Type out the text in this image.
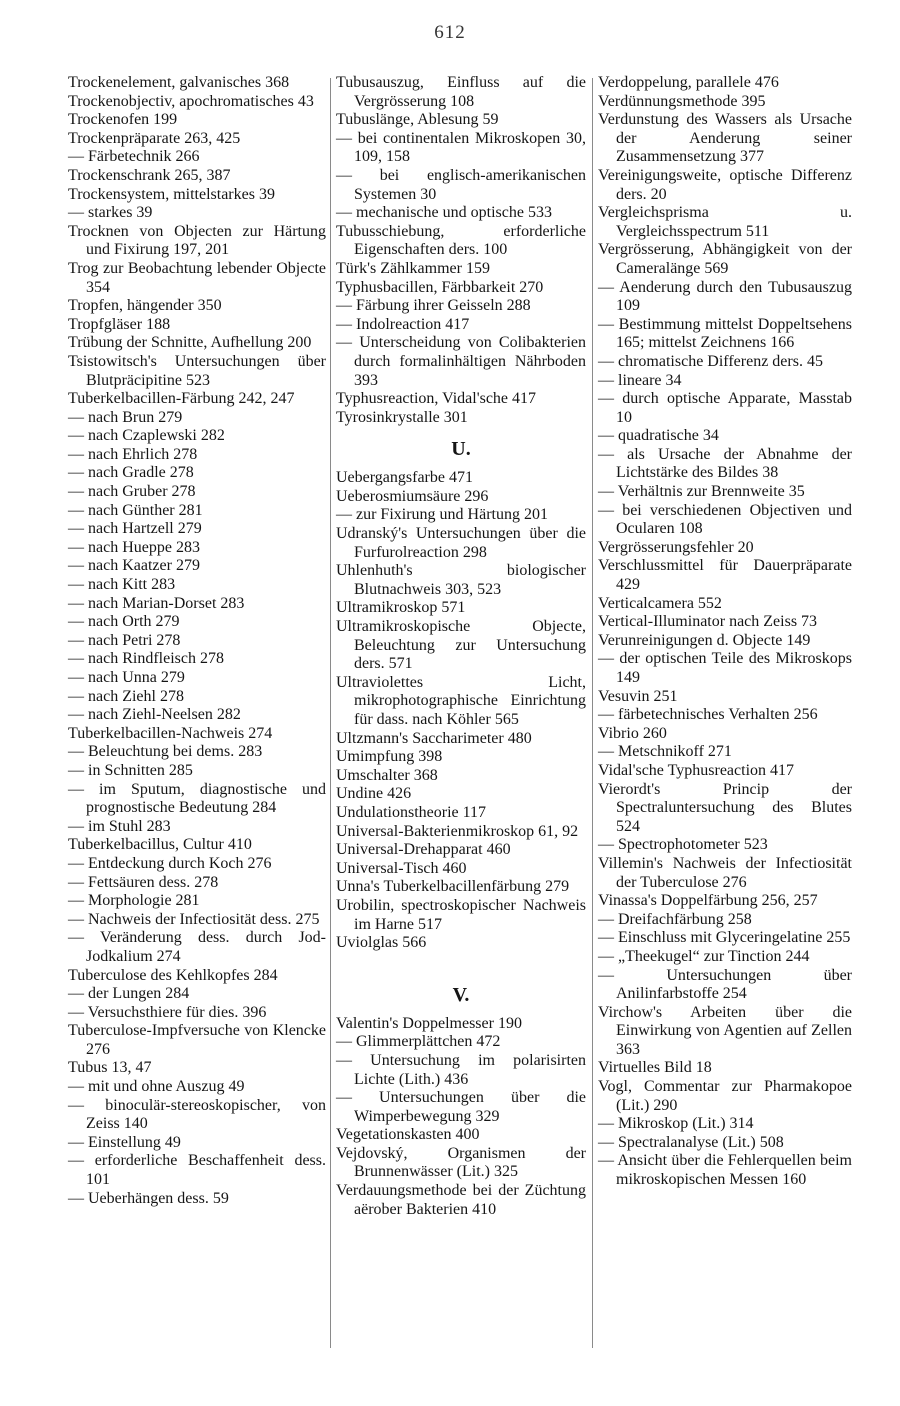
612
Trockenelement, galvanisches 368
Trockenobjectiv, apochromatisches 43
Trockenofen 199
Trockenpräparate 263, 425
— Färbetechnik 266
Trockenschrank 265, 387
Trockensystem, mittelstarkes 39
— starkes 39
Trocknen von Objecten zur Härtung und Fixirung 197, 201
Trog zur Beobachtung lebender Objecte 354
Tropfen, hängender 350
Tropfgläser 188
Trübung der Schnitte, Aufhellung 200
Tsistowitsch's Untersuchungen über Blutpräcipitine 523
Tuberkelbacillen-Färbung 242, 247
— nach Brun 279
— nach Czaplewski 282
— nach Ehrlich 278
— nach Gradle 278
— nach Gruber 278
— nach Günther 281
— nach Hartzell 279
— nach Hueppe 283
— nach Kaatzer 279
— nach Kitt 283
— nach Marian-Dorset 283
— nach Orth 279
— nach Petri 278
— nach Rindfleisch 278
— nach Unna 279
— nach Ziehl 278
— nach Ziehl-Neelsen 282
Tuberkelbacillen-Nachweis 274
— Beleuchtung bei dems. 283
— in Schnitten 285
— im Sputum, diagnostische und prognostische Bedeutung 284
— im Stuhl 283
Tuberkelbacillus, Cultur 410
— Entdeckung durch Koch 276
— Fettsäuren dess. 278
— Morphologie 281
— Nachweis der Infectiosität dess. 275
— Veränderung dess. durch Jod-Jodkalium 274
Tuberculose des Kehlkopfes 284
— der Lungen 284
— Versuchsthiere für dies. 396
Tuberculose-Impfversuche von Klencke 276
Tubus 13, 47
— mit und ohne Auszug 49
— binoculär-stereoskopischer, von Zeiss 140
— Einstellung 49
— erforderliche Beschaffenheit dess. 101
— Ueberhängen dess. 59
Tubusauszug, Einfluss auf die Vergrösserung 108
Tubuslänge, Ablesung 59
— bei continentalen Mikroskopen 30, 109, 158
— bei englisch-amerikanischen Systemen 30
— mechanische und optische 533
Tubusschiebung, erforderliche Eigenschaften ders. 100
Türk's Zählkammer 159
Typhusbacillen, Färbbarkeit 270
— Färbung ihrer Geisseln 288
— Indolreaction 417
— Unterscheidung von Colibakterien durch formalinhältigen Nährboden 393
Typhusreaction, Vidal'sche 417
Tyrosinkrystalle 301
U.
Uebergangsfarbe 471
Ueberosmiumsäure 296
— zur Fixirung und Härtung 201
Udranský's Untersuchungen über die Furfurolreaction 298
Uhlenhuth's biologischer Blutnachweis 303, 523
Ultramikroskop 571
Ultramikroskopische Objecte, Beleuchtung zur Untersuchung ders. 571
Ultraviolettes Licht, mikrophotographische Einrichtung für dass. nach Köhler 565
Ultzmann's Saccharimeter 480
Umimpfung 398
Umschalter 368
Undine 426
Undulationstheorie 117
Universal-Bakterienmikroskop 61, 92
Universal-Drehapparat 460
Universal-Tisch 460
Unna's Tuberkelbacillenfärbung 279
Urobilin, spectroskopischer Nachweis im Harne 517
Uviolglas 566
V.
Valentin's Doppelmesser 190
— Glimmerplättchen 472
— Untersuchung im polarisirten Lichte (Lith.) 436
— Untersuchungen über die Wimperbewegung 329
Vegetationskasten 400
Vejdovský, Organismen der Brunnenwässer (Lit.) 325
Verdauungsmethode bei der Züchtung aërober Bakterien 410
Verdoppelung, parallele 476
Verdünnungsmethode 395
Verdunstung des Wassers als Ursache der Aenderung seiner Zusammensetzung 377
Vereinigungsweite, optische Differenz ders. 20
Vergleichsprisma u. Vergleichsspectrum 511
Vergrösserung, Abhängigkeit von der Cameralänge 569
— Aenderung durch den Tubusauszug 109
— Bestimmung mittelst Doppeltsehens 165; mittelst Zeichnens 166
— chromatische Differenz ders. 45
— lineare 34
— durch optische Apparate, Masstab 10
— quadratische 34
— als Ursache der Abnahme der Lichtstärke des Bildes 38
— Verhältnis zur Brennweite 35
— bei verschiedenen Objectiven und Ocularen 108
Vergrösserungsfehler 20
Verschlussmittel für Dauerpräparate 429
Verticalcamera 552
Vertical-Illuminator nach Zeiss 73
Verunreinigungen d. Objecte 149
— der optischen Teile des Mikroskops 149
Vesuvin 251
— färbetechnisches Verhalten 256
Vibrio 260
— Metschnikoff 271
Vidal'sche Typhusreaction 417
Vierordt's Princip der Spectraluntersuchung des Blutes 524
— Spectrophotometer 523
Villemin's Nachweis der Infectiosität der Tuberculose 276
Vinassa's Doppelfärbung 256, 257
— Dreifachfärbung 258
— Einschluss mit Glyceringelatine 255
— „Theekugel“ zur Tinction 244
— Untersuchungen über Anilinfarbstoffe 254
Virchow's Arbeiten über die Einwirkung von Agentien auf Zellen 363
Virtuelles Bild 18
Vogl, Commentar zur Pharmakopoe (Lit.) 290
— Mikroskop (Lit.) 314
— Spectralanalyse (Lit.) 508
— Ansicht über die Fehlerquellen beim mikroskopischen Messen 160
